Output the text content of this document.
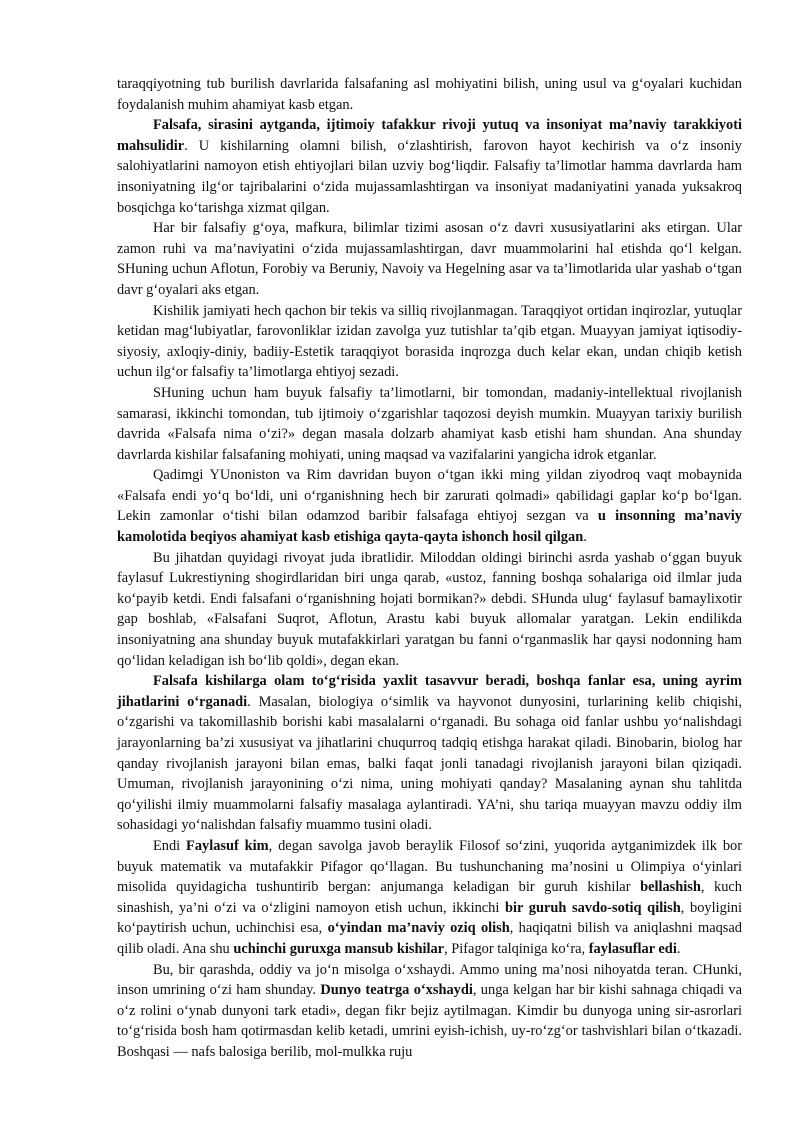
taraqqiyotning tub burilish davrlarida falsafaning asl mohiyatini bilish, uning usul va g‘oyalari kuchidan foydalanish muhim ahamiyat kasb etgan.

Falsafa, sirasini aytganda, ijtimoiy tafakkur rivoji yutuq va insoniyat ma’naviy tarakkiyoti mahsulidir. U kishilarning olamni bilish, o‘zlashtirish, farovon hayot kechirish va o‘z insoniy salohiyatlarini namoyon etish ehtiyojlari bilan uzviy bog‘liqdir. Falsafiy ta’limotlar hamma davrlarda ham insoniyatning ilg‘or tajribalarini o‘zida mujassamlashtirgan va insoniyat madaniyatini yanada yuksakroq bosqichga ko‘tarishga xizmat qilgan.

Har bir falsafiy g‘oya, mafkura, bilimlar tizimi asosan o‘z davri xususiyatlarini aks etirgan. Ular zamon ruhi va ma’naviyatini o‘zida mujassamlashtirgan, davr muammolarini hal etishda qo‘l kelgan. SHuning uchun Aflotun, Forobiy va Beruniy, Navoiy va Hegelning asar va ta’limotlarida ular yashab o‘tgan davr g‘oyalari aks etgan.

Kishilik jamiyati hech qachon bir tekis va silliq rivojlanmagan. Taraqqiyot ortidan inqirozlar, yutuqlar ketidan mag‘lubiyatlar, farovonliklar izidan zavolga yuz tutishlar ta’qib etgan. Muayyan jamiyat iqtisodiy-siyosiy, axloqiy-diniy, badiiy-Estetik taraqqiyot borasida inqrozga duch kelar ekan, undan chiqib ketish uchun ilg‘or falsafiy ta’limotlarga ehtiyoj sezadi.

SHuning uchun ham buyuk falsafiy ta’limotlarni, bir tomondan, madaniy-intellektual rivojlanish samarasi, ikkinchi tomondan, tub ijtimoiy o‘zgarishlar taqozosi deyish mumkin. Muayyan tarixiy burilish davrida «Falsafa nima o‘zi?» degan masala dolzarb ahamiyat kasb etishi ham shundan. Ana shunday davrlarda kishilar falsafaning mohiyati, uning maqsad va vazifalarini yangicha idrok etganlar.

Qadimgi YUnoniston va Rim davridan buyon o‘tgan ikki ming yildan ziyodroq vaqt mobaynida «Falsafa endi yo‘q bo‘ldi, uni o‘rganishning hech bir zarurati qolmadi» qabilidagi gaplar ko‘p bo‘lgan. Lekin zamonlar o‘tishi bilan odamzod baribir falsafaga ehtiyoj sezgan va u insonning ma’naviy kamolotida beqiyos ahamiyat kasb etishiga qayta-qayta ishonch hosil qilgan.

Bu jihatdan quyidagi rivoyat juda ibratlidir. Miloddan oldingi birinchi asrda yashab o‘ggan buyuk faylasuf Lukrestiyning shogirdlaridan biri unga qarab, «ustoz, fanning boshqa sohalariga oid ilmlar juda ko‘payib ketdi. Endi falsafani o‘rganishning hojati bormikan?» debdi. SHunda ulug‘ faylasuf bamaylixotir gap boshlab, «Falsafani Suqrot, Aflotun, Arastu kabi buyuk allomalar yaratgan. Lekin endilikda insoniyatning ana shunday buyuk mutafakkirlari yaratgan bu fanni o‘rganmaslik har qaysi nodonning ham qo‘lidan keladigan ish bo‘lib qoldi», degan ekan.

Falsafa kishilarga olam to‘g‘risida yaxlit tasavvur beradi, boshqa fanlar esa, uning ayrim jihatlarini o‘rganadi. Masalan, biologiya o‘simlik va hayvonot dunyosini, turlarining kelib chiqishi, o‘zgarishi va takomillashib borishi kabi masalalarni o‘rganadi. Bu sohaga oid fanlar ushbu yo‘nalishdagi jarayonlarning ba’zi xususiyat va jihatlarini chuqurroq tadqiq etishga harakat qiladi. Binobarin, biolog har qanday rivojlanish jarayoni bilan emas, balki faqat jonli tanadagi rivojlanish jarayoni bilan qiziqadi. Umuman, rivojlanish jarayonining o‘zi nima, uning mohiyati qanday? Masalaning aynan shu tahlitda qo‘yilishi ilmiy muammolarni falsafiy masalaga aylantiradi. YA’ni, shu tariqa muayyan mavzu oddiy ilm sohasidagi yo‘nalishdan falsafiy muammo tusini oladi.

Endi Faylasuf kim, degan savolga javob beraylik Filosof so‘zini, yuqorida aytganimizdek ilk bor buyuk matematik va mutafakkir Pifagor qo‘llagan. Bu tushunchaning ma’nosini u Olimpiya o‘yinlari misolida quyidagicha tushuntirib bergan: anjumanga keladigan bir guruh kishilar bellashish, kuch sinashish, ya’ni o‘zi va o‘zligini namoyon etish uchun, ikkinchi bir guruh savdo-sotiq qilish, boyligini ko‘paytirish uchun, uchinchisi esa, o‘yindan ma’naviy oziq olish, haqiqatni bilish va aniqlashni maqsad qilib oladi. Ana shu uchinchi guruxga mansub kishilar, Pifagor talqiniga ko‘ra, faylasuflar edi.

Bu, bir qarashda, oddiy va jo‘n misolga o‘xshaydi. Ammo uning ma’nosi nihoyatda teran. CHunki, inson umrining o‘zi ham shunday. Dunyo teatrga o‘xshaydi, unga kelgan har bir kishi sahnaga chiqadi va o‘z rolini o‘ynab dunyoni tark etadi», degan fikr bejiz aytilmagan. Kimdir bu dunyoga uning sir-asrorlari to‘g‘risida bosh ham qotirmasdan kelib ketadi, umrini eyish-ichish, uy-ro‘zg‘or tashvishlari bilan o‘tkazadi. Boshqasi — nafs balosiga berilib, mol-mulkka ruju
